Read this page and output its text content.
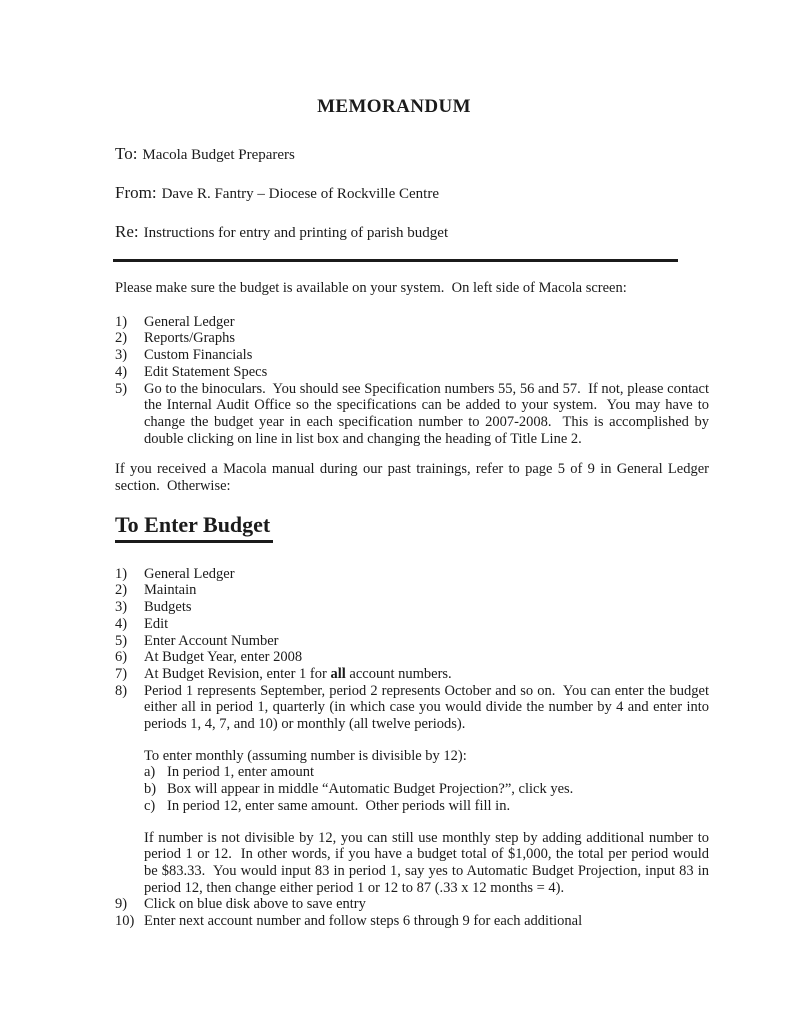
MEMORANDUM
To: Macola Budget Preparers
From: Dave R. Fantry – Diocese of Rockville Centre
Re: Instructions for entry and printing of parish budget
Please make sure the budget is available on your system.  On left side of Macola screen:
1)	General Ledger
2)	Reports/Graphs
3)	Custom Financials
4)	Edit Statement Specs
5)	Go to the binoculars.  You should see Specification numbers 55, 56 and 57.  If not, please contact the Internal Audit Office so the specifications can be added to your system.  You may have to change the budget year in each specification number to 2007-2008.  This is accomplished by double clicking on line in list box and changing the heading of Title Line 2.
If you received a Macola manual during our past trainings, refer to page 5 of 9 in General Ledger section.  Otherwise:
To Enter Budget
1)	General Ledger
2)	Maintain
3)	Budgets
4)	Edit
5)	Enter Account Number
6)	At Budget Year, enter 2008
7)	At Budget Revision, enter 1 for all account numbers.
8)	Period 1 represents September, period 2 represents October and so on.  You can enter the budget either all in period 1, quarterly (in which case you would divide the number by 4 and enter into periods 1, 4, 7, and 10) or monthly (all twelve periods).
To enter monthly (assuming number is divisible by 12):
a) In period 1, enter amount
b) Box will appear in middle “Automatic Budget Projection?”, click yes.
c) In period 12, enter same amount.  Other periods will fill in.
If number is not divisible by 12, you can still use monthly step by adding additional number to period 1 or 12.  In other words, if you have a budget total of $1,000, the total per period would be $83.33.  You would input 83 in period 1, say yes to Automatic Budget Projection, input 83 in period 12, then change either period 1 or 12 to 87 (.33 x 12 months = 4).
9)	Click on blue disk above to save entry
10) Enter next account number and follow steps 6 through 9 for each additional
